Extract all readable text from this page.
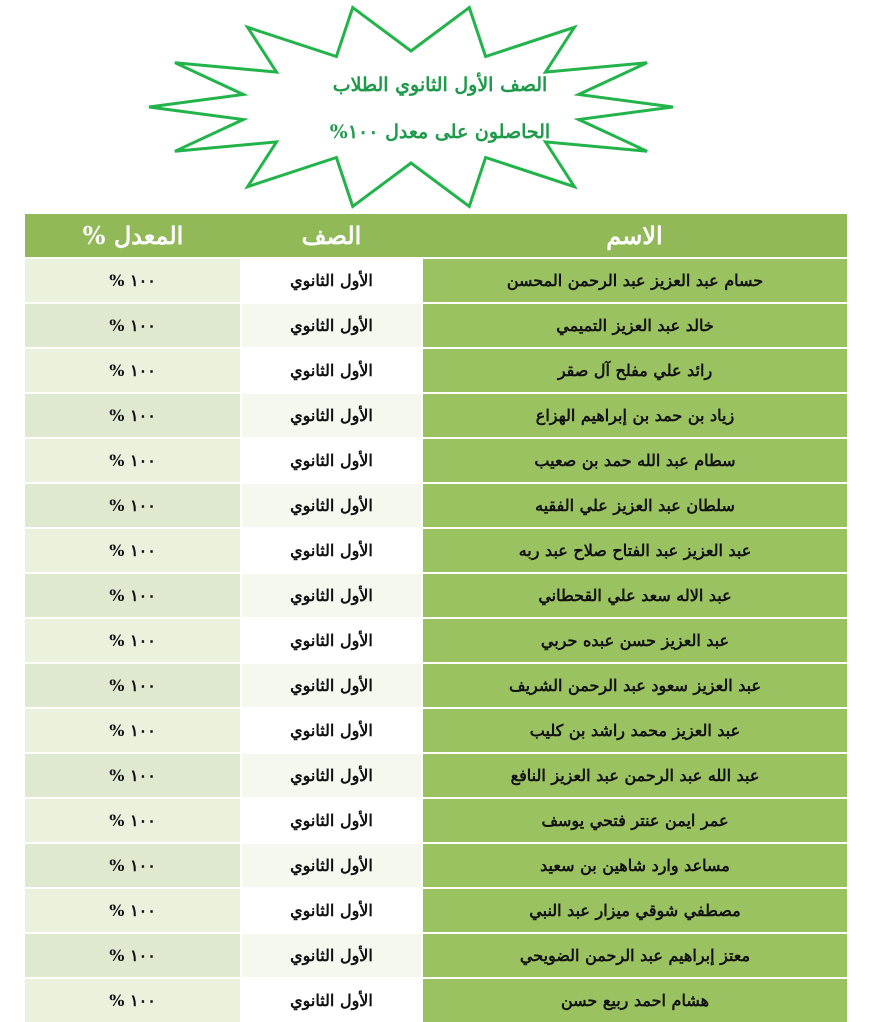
الصف الأول الثانوي الطلاب
الحاصلون على معدل ١٠٠%
الاسم	الصف	المعدل %
حسام عبد العزيز عبد الرحمن المحسن	الأول الثانوي	١٠٠ %
خالد عبد العزيز التميمي	الأول الثانوي	١٠٠ %
رائد علي مفلح آل صقر	الأول الثانوي	١٠٠ %
زياد بن حمد بن إبراهيم الهزاع	الأول الثانوي	١٠٠ %
سطام عبد الله حمد بن صعيب	الأول الثانوي	١٠٠ %
سلطان عبد العزيز علي الفقيه	الأول الثانوي	١٠٠ %
عبد العزيز عبد الفتاح صلاح عبد ربه	الأول الثانوي	١٠٠ %
عبد الاله سعد علي القحطاني	الأول الثانوي	١٠٠ %
عبد العزيز حسن عبده حربي	الأول الثانوي	١٠٠ %
عبد العزيز سعود عبد الرحمن الشريف	الأول الثانوي	١٠٠ %
عبد العزيز محمد راشد بن كليب	الأول الثانوي	١٠٠ %
عبد الله عبد الرحمن عبد العزيز النافع	الأول الثانوي	١٠٠ %
عمر ايمن عنتر فتحي يوسف	الأول الثانوي	١٠٠ %
مساعد وارد شاهين بن سعيد	الأول الثانوي	١٠٠ %
مصطفي شوقي ميزار عبد النبي	الأول الثانوي	١٠٠ %
معتز إبراهيم عبد الرحمن الضويحي	الأول الثانوي	١٠٠ %
هشام احمد ربيع حسن	الأول الثانوي	١٠٠ %
